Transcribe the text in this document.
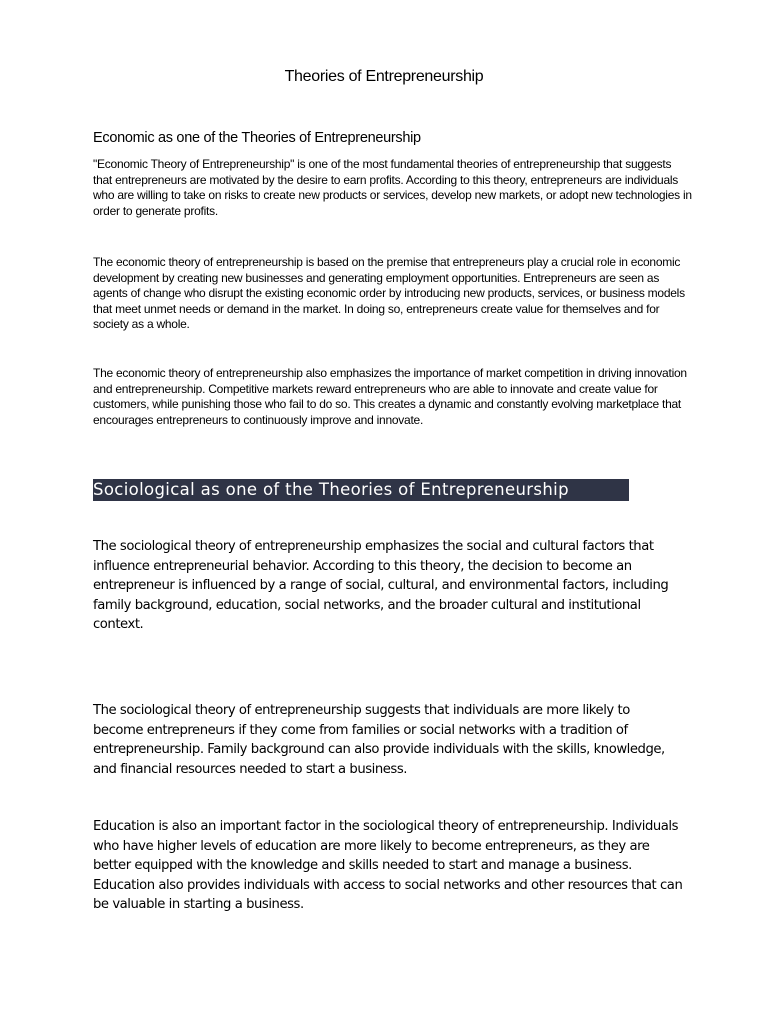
Theories of Entrepreneurship
Economic as one of the Theories of Entrepreneurship
"Economic Theory of Entrepreneurship" is one of the most fundamental theories of entrepreneurship that suggests that entrepreneurs are motivated by the desire to earn profits. According to this theory, entrepreneurs are individuals who are willing to take on risks to create new products or services, develop new markets, or adopt new technologies in order to generate profits.
The economic theory of entrepreneurship is based on the premise that entrepreneurs play a crucial role in economic development by creating new businesses and generating employment opportunities. Entrepreneurs are seen as agents of change who disrupt the existing economic order by introducing new products, services, or business models that meet unmet needs or demand in the market. In doing so, entrepreneurs create value for themselves and for society as a whole.
The economic theory of entrepreneurship also emphasizes the importance of market competition in driving innovation and entrepreneurship. Competitive markets reward entrepreneurs who are able to innovate and create value for customers, while punishing those who fail to do so. This creates a dynamic and constantly evolving marketplace that encourages entrepreneurs to continuously improve and innovate.
Sociological as one of the Theories of Entrepreneurship
The sociological theory of entrepreneurship emphasizes the social and cultural factors that influence entrepreneurial behavior. According to this theory, the decision to become an entrepreneur is influenced by a range of social, cultural, and environmental factors, including family background, education, social networks, and the broader cultural and institutional context.
The sociological theory of entrepreneurship suggests that individuals are more likely to become entrepreneurs if they come from families or social networks with a tradition of entrepreneurship. Family background can also provide individuals with the skills, knowledge, and financial resources needed to start a business.
Education is also an important factor in the sociological theory of entrepreneurship. Individuals who have higher levels of education are more likely to become entrepreneurs, as they are better equipped with the knowledge and skills needed to start and manage a business. Education also provides individuals with access to social networks and other resources that can be valuable in starting a business.
